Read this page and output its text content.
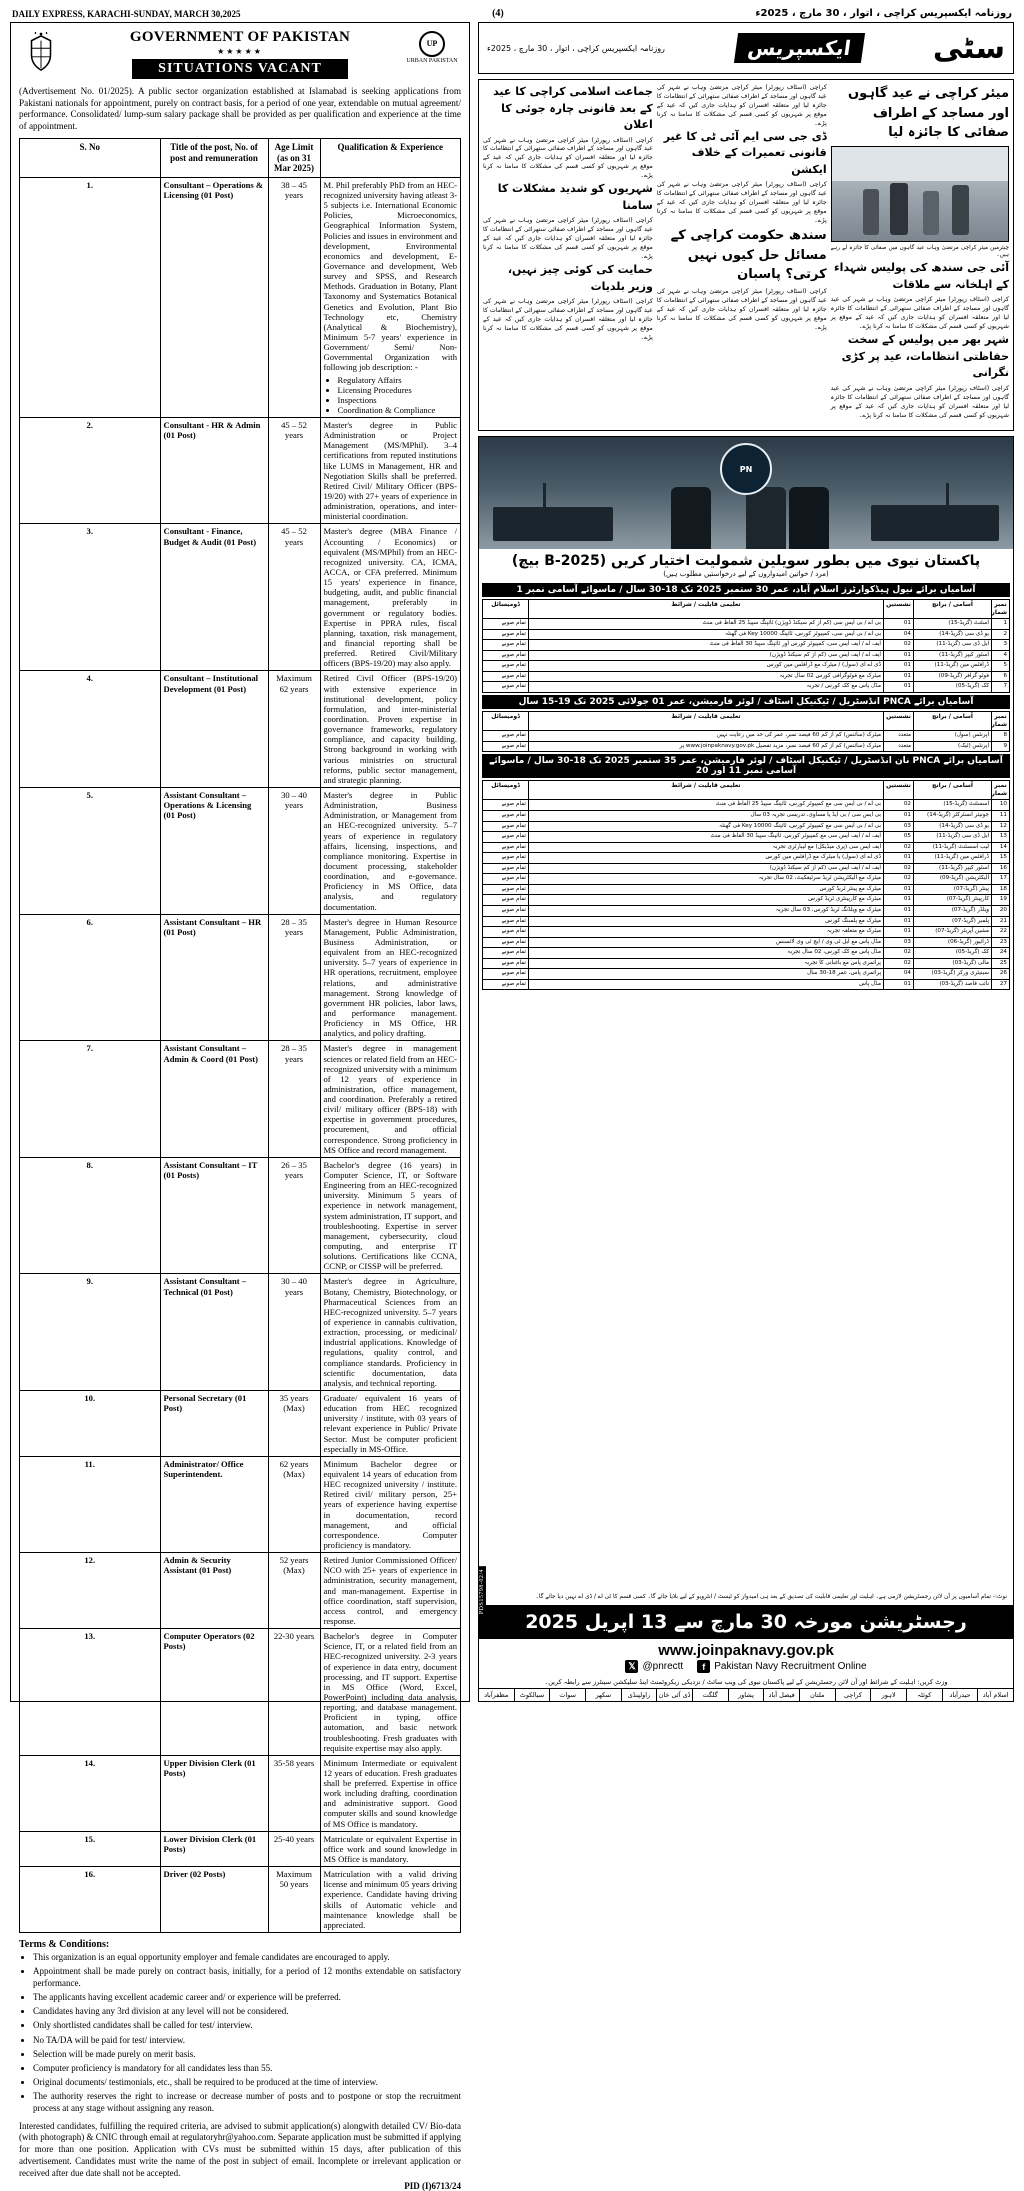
DAILY EXPRESS, KARACHI-SUNDAY, MARCH 30,2025	(4)	روزنامہ ایکسپریس کراچی ، اتوار ، 30 مارچ ، 2025ء
UP
URBAN PAKISTAN
GOVERNMENT OF PAKISTAN
★★★★★
SITUATIONS VACANT
(Advertisement No. 01/2025). A public sector organization established at Islamabad is seeking applications from Pakistani nationals for appointment, purely on contract basis, for a period of one year, extendable on mutual agreement/ performance. Consolidated/ lump-sum salary package shall be provided as per qualification and experience at the time of appointment.
S. No	Title of the post, No. of post and remuneration	Age Limit (as on 31 Mar 2025)	Qualification & Experience
1.	Consultant – Operations & Licensing (01 Post)	38 – 45 years	M. Phil preferably PhD from an HEC-recognized university having atleast 3-5 subjects i.e. International Economic Policies, Microeconomics, Geographical Information System, Policies and issues in environment and development, Environmental economics and development, E-Governance and development, Web survey and SPSS, and Research Methods. Graduation in Botany, Plant Taxonomy and Systematics Botanical Genetics and Evolution, Plant Bio Technology etc, Chemistry (Analytical & Biochemistry), Minimum 5-7 years' experience in Government/ Semi/ Non-Governmental Organization with following job description: -
• Regulatory Affairs
• Licensing Procedures
• Inspections
• Coordination & Compliance

2.	Consultant - HR & Admin (01 Post)	45 – 52 years	Master's degree in Public Administration or Project Management (MS/MPhil). 3–4 certifications from reputed institutions like LUMS in Management, HR and Negotiation Skills shall be preferred. Retired Civil/ Military Officer (BPS-19/20) with 27+ years of experience in administration, operations, and inter-ministerial coordination.
3.	Consultant - Finance, Budget & Audit (01 Post)	45 – 52 years	Master's degree (MBA Finance / Accounting / Economics) or equivalent (MS/MPhil) from an HEC-recognized university. CA, ICMA, ACCA, or CFA preferred. Minimum 15 years' experience in finance, budgeting, audit, and public financial management, preferably in government or regulatory bodies. Expertise in PPRA rules, fiscal planning, taxation, risk management, and financial reporting shall be preferred. Retired Civil/Military officers (BPS-19/20) may also apply.
4.	Consultant – Institutional Development (01 Post)	Maximum 62 years	Retired Civil Officer (BPS-19/20) with extensive experience in institutional development, policy formulation, and inter-ministerial coordination. Proven expertise in governance frameworks, regulatory compliance, and capacity building. Strong background in working with various ministries on structural reforms, public sector management, and strategic planning.
5.	Assistant Consultant – Operations & Licensing (01 Post)	30 – 40 years	Master's degree in Public Administration, Business Administration, or Management from an HEC-recognized university. 5–7 years of experience in regulatory affairs, licensing, inspections, and compliance monitoring. Expertise in document processing, stakeholder coordination, and e-governance. Proficiency in MS Office, data analysis, and regulatory documentation.
6.	Assistant Consultant – HR (01 Post)	28 – 35 years	Master's degree in Human Resource Management, Public Administration, Business Administration, or equivalent from an HEC-recognized university. 5–7 years of experience in HR operations, recruitment, employee relations, and administrative management. Strong knowledge of government HR policies, labor laws, and performance management. Proficiency in MS Office, HR analytics, and policy drafting.
7.	Assistant Consultant – Admin & Coord (01 Post)	28 – 35 years	Master's degree in management sciences or related field from an HEC-recognized university with a minimum of 12 years of experience in administration, office management, and coordination. Preferably a retired civil/ military officer (BPS-18) with expertise in government procedures, procurement, and official correspondence. Strong proficiency in MS Office and record management.
8.	Assistant Consultant – IT (01 Posts)	26 – 35 years	Bachelor's degree (16 years) in Computer Science, IT, or Software Engineering from an HEC-recognized university. Minimum 5 years of experience in network management, system administration, IT support, and troubleshooting. Expertise in server management, cybersecurity, cloud computing, and enterprise IT solutions. Certifications like CCNA, CCNP, or CISSP will be preferred.
9.	Assistant Consultant – Technical (01 Post)	30 – 40 years	Master's degree in Agriculture, Botany, Chemistry, Biotechnology, or Pharmaceutical Sciences from an HEC-recognized university. 5–7 years of experience in cannabis cultivation, extraction, processing, or medicinal/ industrial applications. Knowledge of regulations, quality control, and compliance standards. Proficiency in scientific documentation, data analysis, and technical reporting.
10.	Personal Secretary (01 Post)	35 years (Max)	Graduate/ equivalent 16 years of education from HEC recognized university / institute, with 03 years of relevant experience in Public/ Private Sector. Must be computer proficient especially in MS-Office.
11.	Administrator/ Office Superintendent.	62 years (Max)	Minimum Bachelor degree or equivalent 14 years of education from HEC recognized university / institute. Retired civil/ military person, 25+ years of experience having expertise in documentation, record management, and official correspondence. Computer proficiency is mandatory.
12.	Admin & Security Assistant (01 Post)	52 years (Max)	Retired Junior Commissioned Officer/ NCO with 25+ years of experience in administration, security management, and man-management. Expertise in office coordination, staff supervision, access control, and emergency response.
13.	Computer Operators (02 Posts)	22-30 years	Bachelor's degree in Computer Science, IT, or a related field from an HEC-recognized university. 2-3 years of experience in data entry, document processing, and IT support. Expertise in MS Office (Word, Excel, PowerPoint) including data analysis, reporting, and database management. Proficient in typing, office automation, and basic network troubleshooting. Fresh graduates with requisite expertise may also apply.
14.	Upper Division Clerk (01 Posts)	35-58 years	Minimum Intermediate or equivalent 12 years of education. Fresh graduates shall be preferred. Expertise in office work including drafting, coordination and administrative support. Good computer skills and sound knowledge of MS Office is mandatory.
15.	Lower Division Clerk (01 Posts)	25-40 years	Matriculate or equivalent Expertise in office work and sound knowledge in MS Office is mandatory.
16.	Driver (02 Posts)	Maximum 50 years	Matriculation with a valid driving license and minimum 05 years driving experience. Candidate having driving skills of Automatic vehicle and maintenance knowledge shall be appreciated.
Terms & Conditions:
• This organization is an equal opportunity employer and female candidates are encouraged to apply.
• Appointment shall be made purely on contract basis, initially, for a period of 12 months extendable on satisfactory performance.
• The applicants having excellent academic career and/ or experience will be preferred.
• Candidates having any 3rd division at any level will not be considered.
• Only shortlisted candidates shall be called for test/ interview.
• No TA/DA will be paid for test/ interview.
• Selection will be made purely on merit basis.
• Computer proficiency is mandatory for all candidates less than 55.
• Original documents/ testimonials, etc., shall be required to be produced at the time of interview.
• The authority reserves the right to increase or decrease number of posts and to postpone or stop the recruitment process at any stage without assigning any reason.
Interested candidates, fulfilling the required criteria, are advised to submit application(s) alongwith detailed CV/ Bio-data (with photograph) & CNIC through email at regulatoryhr@yahoo.com. Separate application must be submitted if applying for more than one position. Application with CVs must be submitted within 15 days, after publication of this advertisement. Candidates must write the name of the post in subject of email. Incomplete or irrelevant application or received after due date shall not be accepted.
PID (I)6713/24
روزنامہ ایکسپریس کراچی ، اتوار ، 30 مارچ ، 2025ء	ایکسپریس	سٹی
میئر کراچی نے عید گاہوں اور مساجد کے اطراف صفائی کا جائزہ لیا
چیئرمین میئر کراچی مرتضیٰ وہاب عید گاہوں میں صفائی کا جائزہ لے رہے ہیں۔
آئی جی سندھ کی پولیس شہداء کے اہلخانہ سے ملاقات
کراچی (اسٹاف رپورٹر) میئر کراچی مرتضیٰ وہاب نے شہر کی عید گاہوں اور مساجد کے اطراف صفائی ستھرائی کے انتظامات کا جائزہ لیا اور متعلقہ افسران کو ہدایات جاری کیں کہ عید کے موقع پر شہریوں کو کسی قسم کی مشکلات کا سامنا نہ کرنا پڑے۔
شہر بھر میں پولیس کے سخت حفاظتی انتظامات، عید پر کڑی نگرانی
کراچی (اسٹاف رپورٹر) میئر کراچی مرتضیٰ وہاب نے شہر کی عید گاہوں اور مساجد کے اطراف صفائی ستھرائی کے انتظامات کا جائزہ لیا اور متعلقہ افسران کو ہدایات جاری کیں کہ عید کے موقع پر شہریوں کو کسی قسم کی مشکلات کا سامنا نہ کرنا پڑے۔
کراچی (اسٹاف رپورٹر) میئر کراچی مرتضیٰ وہاب نے شہر کی عید گاہوں اور مساجد کے اطراف صفائی ستھرائی کے انتظامات کا جائزہ لیا اور متعلقہ افسران کو ہدایات جاری کیں کہ عید کے موقع پر شہریوں کو کسی قسم کی مشکلات کا سامنا نہ کرنا پڑے۔
ڈی جی سی ایم آئی ٹی کا غیر قانونی تعمیرات کے خلاف ایکشن
کراچی (اسٹاف رپورٹر) میئر کراچی مرتضیٰ وہاب نے شہر کی عید گاہوں اور مساجد کے اطراف صفائی ستھرائی کے انتظامات کا جائزہ لیا اور متعلقہ افسران کو ہدایات جاری کیں کہ عید کے موقع پر شہریوں کو کسی قسم کی مشکلات کا سامنا نہ کرنا پڑے۔
سندھ حکومت کراچی کے مسائل حل کیوں نہیں کرتی؟ پاسبان
کراچی (اسٹاف رپورٹر) میئر کراچی مرتضیٰ وہاب نے شہر کی عید گاہوں اور مساجد کے اطراف صفائی ستھرائی کے انتظامات کا جائزہ لیا اور متعلقہ افسران کو ہدایات جاری کیں کہ عید کے موقع پر شہریوں کو کسی قسم کی مشکلات کا سامنا نہ کرنا پڑے۔
جماعت اسلامی کراچی کا عید کے بعد قانونی چارہ جوئی کا اعلان
کراچی (اسٹاف رپورٹر) میئر کراچی مرتضیٰ وہاب نے شہر کی عید گاہوں اور مساجد کے اطراف صفائی ستھرائی کے انتظامات کا جائزہ لیا اور متعلقہ افسران کو ہدایات جاری کیں کہ عید کے موقع پر شہریوں کو کسی قسم کی مشکلات کا سامنا نہ کرنا پڑے۔
شہریوں کو شدید مشکلات کا سامنا
کراچی (اسٹاف رپورٹر) میئر کراچی مرتضیٰ وہاب نے شہر کی عید گاہوں اور مساجد کے اطراف صفائی ستھرائی کے انتظامات کا جائزہ لیا اور متعلقہ افسران کو ہدایات جاری کیں کہ عید کے موقع پر شہریوں کو کسی قسم کی مشکلات کا سامنا نہ کرنا پڑے۔
حمایت کی کوئی چیز نہیں، وزیر بلدیات
کراچی (اسٹاف رپورٹر) میئر کراچی مرتضیٰ وہاب نے شہر کی عید گاہوں اور مساجد کے اطراف صفائی ستھرائی کے انتظامات کا جائزہ لیا اور متعلقہ افسران کو ہدایات جاری کیں کہ عید کے موقع پر شہریوں کو کسی قسم کی مشکلات کا سامنا نہ کرنا پڑے۔
PDS15798-02/4
PN
پاکستان نیوی میں بطور سویلین شمولیت اختیار کریں (B-2025 بیچ)
(مرد / خواتین امیدواروں کے لیے درخواستیں مطلوب ہیں)
آسامیاں برائے نیول ہیڈکوارٹرز اسلام آباد، عمر 30 ستمبر 2025 تک 18-30 سال / ماسوائے آسامی نمبر 1
نمبر شمار	آسامی / برانچ	نشستیں	تعلیمی قابلیت / شرائط	ڈومیسائل
1	اسٹنٹ (گریڈ-15)	01	بی اے / بی ایس سی (کم از کم سیکنڈ ڈویژن) ٹائپنگ سپیڈ 25 الفاظ فی منٹ	تمام صوبے
2	یو ڈی سی (گریڈ-14)	04	بی اے / بی ایس سی، کمپیوٹر کورس، ٹائپنگ Key 10000 فی گھنٹہ	تمام صوبے
3	ایل ڈی سی (گریڈ-11)	02	ایف اے / ایف ایس سی، کمپیوٹر کورس اور ٹائپنگ سپیڈ 30 الفاظ فی منٹ	تمام صوبے
4	اسٹور کیپر (گریڈ-11)	01	ایف اے / ایف ایس سی (کم از کم سیکنڈ ڈویژن)	تمام صوبے
5	ڈرافٹس مین (گریڈ-11)	01	ڈی اے ای (سول) / میٹرک مع ڈرافٹس مین کورس	تمام صوبے
6	فوٹو گرافر (گریڈ-09)	01	میٹرک مع فوٹوگرافی کورس 02 سال تجربہ	تمام صوبے
7	کک (گریڈ-05)	01	مڈل پاس مع کک کورس / تجربہ	تمام صوبے
آسامیاں برائے PNCA انڈسٹریل / ٹیکنیکل اسٹاف / لوئر فارمیشن، عمر 01 جولائی 2025 تک 19-15 سال
نمبر شمار	آسامی / برانچ	نشستیں	تعلیمی قابلیت / شرائط	ڈومیسائل
8	اپرنٹس (سول)	متعدد	میٹرک (سائنس) کم از کم 60 فیصد نمبر، عمر کی حد میں رعایت نہیں	تمام صوبے
9	اپرنٹس (ٹیک)	متعدد	میٹرک (سائنس) کم از کم 60 فیصد نمبر، مزید تفصیل www.joinpaknavy.gov.pk پر	تمام صوبے
آسامیاں برائے PNCA نان انڈسٹریل / ٹیکنیکل اسٹاف / لوئر فارمیشن، عمر 35 ستمبر 2025 تک 18-30 سال / ماسوائے آسامی نمبر 11 اور 20
نمبر شمار	آسامی / برانچ	نشستیں	تعلیمی قابلیت / شرائط	ڈومیسائل
10	اسسٹنٹ (گریڈ-15)	02	بی اے / بی ایس سی مع کمپیوٹر کورس، ٹائپنگ سپیڈ 25 الفاظ فی منٹ	تمام صوبے
11	جونیئر انسٹرکٹر (گریڈ-14)	01	بی ایس سی / بی ایڈ یا مساوی، تدریسی تجربہ 03 سال	تمام صوبے
12	یو ڈی سی (گریڈ-14)	03	بی اے / بی ایس سی مع کمپیوٹر کورس، ٹائپنگ Key 10000 فی گھنٹہ	تمام صوبے
13	ایل ڈی سی (گریڈ-11)	05	ایف اے / ایف ایس سی مع کمپیوٹر کورس، ٹائپنگ سپیڈ 30 الفاظ فی منٹ	تمام صوبے
14	لیب اسسٹنٹ (گریڈ-11)	02	ایف ایس سی (پری میڈیکل) مع لیبارٹری تجربہ	تمام صوبے
15	ڈرافٹس مین (گریڈ-11)	01	ڈی اے ای (سول) یا میٹرک مع ڈرافٹس مین کورس	تمام صوبے
16	اسٹور کیپر (گریڈ-11)	02	ایف اے / ایف ایس سی (کم از کم سیکنڈ ڈویژن)	تمام صوبے
17	الیکٹریشن (گریڈ-09)	02	میٹرک مع الیکٹریشن ٹریڈ سرٹیفکیٹ، 02 سال تجربہ	تمام صوبے
18	پینٹر (گریڈ-07)	01	میٹرک مع پینٹر ٹریڈ کورس	تمام صوبے
19	کارپینٹر (گریڈ-07)	01	میٹرک مع کارپینٹری ٹریڈ کورس	تمام صوبے
20	ویلڈر (گریڈ-07)	01	میٹرک مع ویلڈنگ ٹریڈ کورس، 03 سال تجربہ	تمام صوبے
21	پلمبر (گریڈ-07)	01	میٹرک مع پلمبنگ کورس	تمام صوبے
22	مشین آپریٹر (گریڈ-07)	01	میٹرک مع متعلقہ تجربہ	تمام صوبے
23	ڈرائیور (گریڈ-06)	03	مڈل پاس مع ایل ٹی وی / ایچ ٹی وی لائسنس	تمام صوبے
24	کک (گریڈ-05)	02	مڈل پاس مع کک کورس، 02 سال تجربہ	تمام صوبے
25	مالی (گریڈ-03)	02	پرائمری پاس مع باغبانی کا تجربہ	تمام صوبے
26	سینیٹری ورکر (گریڈ-03)	04	پرائمری پاس، عمر 18-30 سال	تمام صوبے
27	نائب قاصد (گریڈ-03)	01	مڈل پاس	تمام صوبے
نوٹ:- تمام آسامیوں پر آن لائن رجسٹریشن لازمی ہے۔ اہلیت اور تعلیمی قابلیت کی تصدیق کے بعد ہی امیدوار کو ٹیسٹ / انٹرویو کے لیے بلایا جائے گا۔ کسی قسم کا ٹی اے / ڈی اے نہیں دیا جائے گا۔
رجسٹریشن مورخہ 30 مارچ سے 13 اپریل 2025
www.joinpaknavy.gov.pk
𝕏 @pnrectt	f Pakistan Navy Recruitment Online
وزٹ کریں: اہلیت کے شرائط اور آن لائن رجسٹریشن کے لیے پاکستان نیوی کی ویب سائٹ / نزدیکی ریکروٹمنٹ اینڈ سلیکشن سینٹرز سے رابطہ کریں۔
اسلام آباد
حیدرآباد
کوئٹہ
لاہور
کراچی
ملتان
فیصل آباد
پشاور
گلگت
ڈی آئی خان
راولپنڈی
سکھر
سوات
سیالکوٹ
مظفرآباد
